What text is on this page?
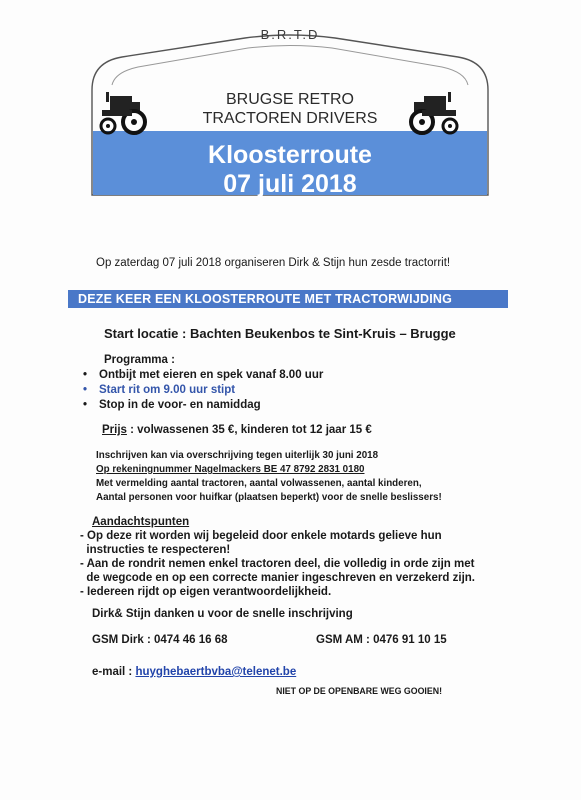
B.R.T.D
BRUGSE RETRO
TRACTOREN DRIVERS
Kloosterroute
07 juli 2018
Op zaterdag 07 juli 2018 organiseren Dirk & Stijn hun zesde tractorrit!
DEZE KEER EEN KLOOSTERROUTE MET TRACTORWIJDING
Start locatie : Bachten Beukenbos te Sint-Kruis – Brugge
Programma :
• Ontbijt met eieren en spek vanaf 8.00 uur
• Start rit om 9.00 uur stipt
• Stop in de voor- en namiddag
Prijs : volwassenen 35 €, kinderen tot 12 jaar 15 €
Inschrijven kan via overschrijving tegen uiterlijk 30 juni 2018
Op rekeningnummer Nagelmackers BE 47 8792 2831 0180
Met vermelding aantal tractoren, aantal volwassenen, aantal kinderen,
Aantal personen voor huifkar (plaatsen beperkt) voor de snelle beslissers!
Aandachtspunten
- Op deze rit worden wij begeleid door enkele motards gelieve hun
instructies te respecteren!
- Aan de rondrit nemen enkel tractoren deel, die volledig in orde zijn met
de wegcode en op een correcte manier ingeschreven en verzekerd zijn.
- Iedereen rijdt op eigen verantwoordelijkheid.
Dirk& Stijn danken u voor de snelle inschrijving
GSM Dirk : 0474 46 16 68	GSM AM : 0476 91 10 15
e-mail : huyghebaertbvba@telenet.be
NIET OP DE OPENBARE WEG GOOIEN!
